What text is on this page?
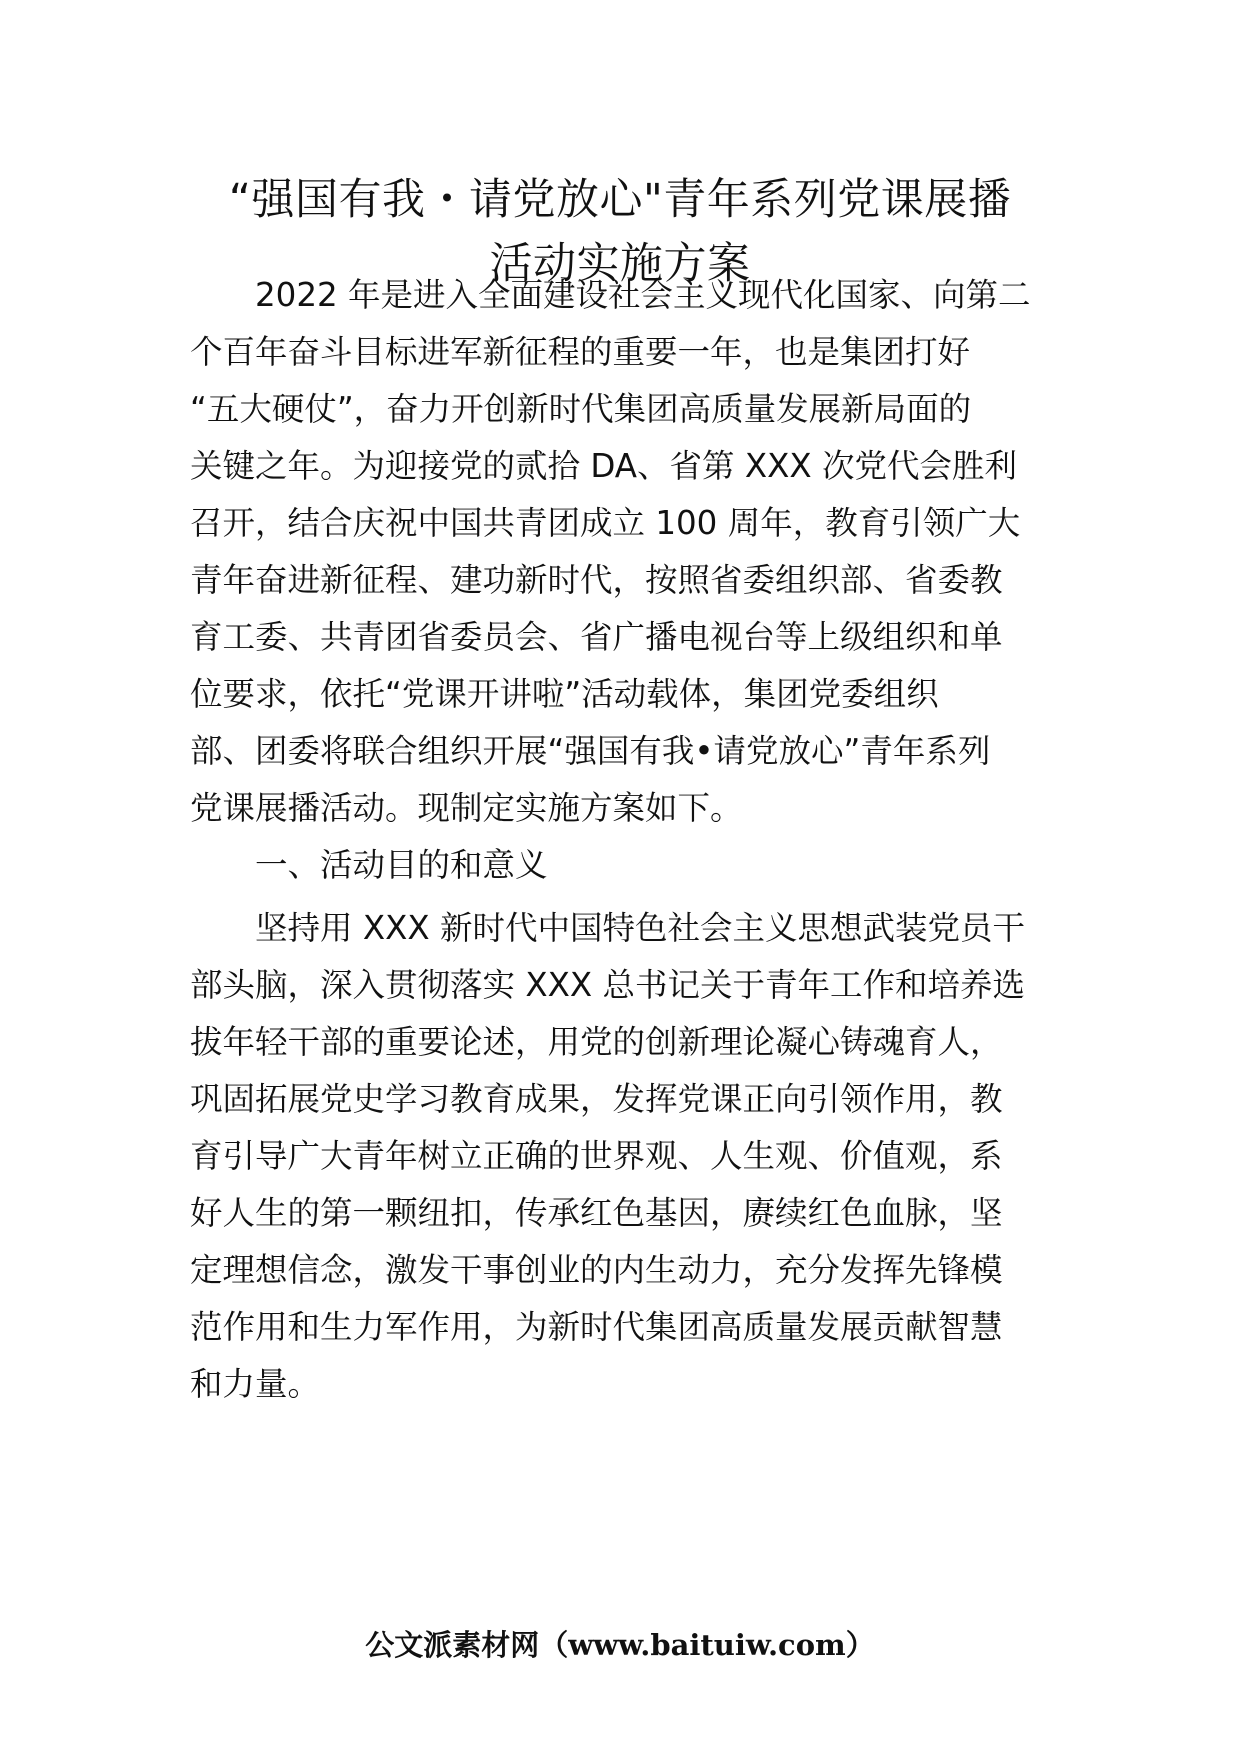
“强国有我・请党放心"青年系列党课展播
活动实施方案
2022 年是进入全面建设社会主义现代化国家、向第二
个百年奋斗目标进军新征程的重要一年，也是集团打好
“五大硬仗”，奋力开创新时代集团高质量发展新局面的
关键之年。为迎接党的贰拾 DA、省第 XXX 次党代会胜利
召开，结合庆祝中国共青团成立 100 周年，教育引领广大
青年奋进新征程、建功新时代，按照省委组织部、省委教
育工委、共青团省委员会、省广播电视台等上级组织和单
位要求，依托“党课开讲啦”活动载体，集团党委组织
部、团委将联合组织开展“强国有我•请党放心”青年系列
党课展播活动。现制定实施方案如下。
一、活动目的和意义
坚持用 XXX 新时代中国特色社会主义思想武装党员干
部头脑，深入贯彻落实 XXX 总书记关于青年工作和培养选
拔年轻干部的重要论述，用党的创新理论凝心铸魂育人，
巩固拓展党史学习教育成果，发挥党课正向引领作用，教
育引导广大青年树立正确的世界观、人生观、价值观，系
好人生的第一颗纽扣，传承红色基因，赓续红色血脉，坚
定理想信念，激发干事创业的内生动力，充分发挥先锋模
范作用和生力军作用，为新时代集团高质量发展贡献智慧
和力量。
公文派素材网（www.baituiw.com）
